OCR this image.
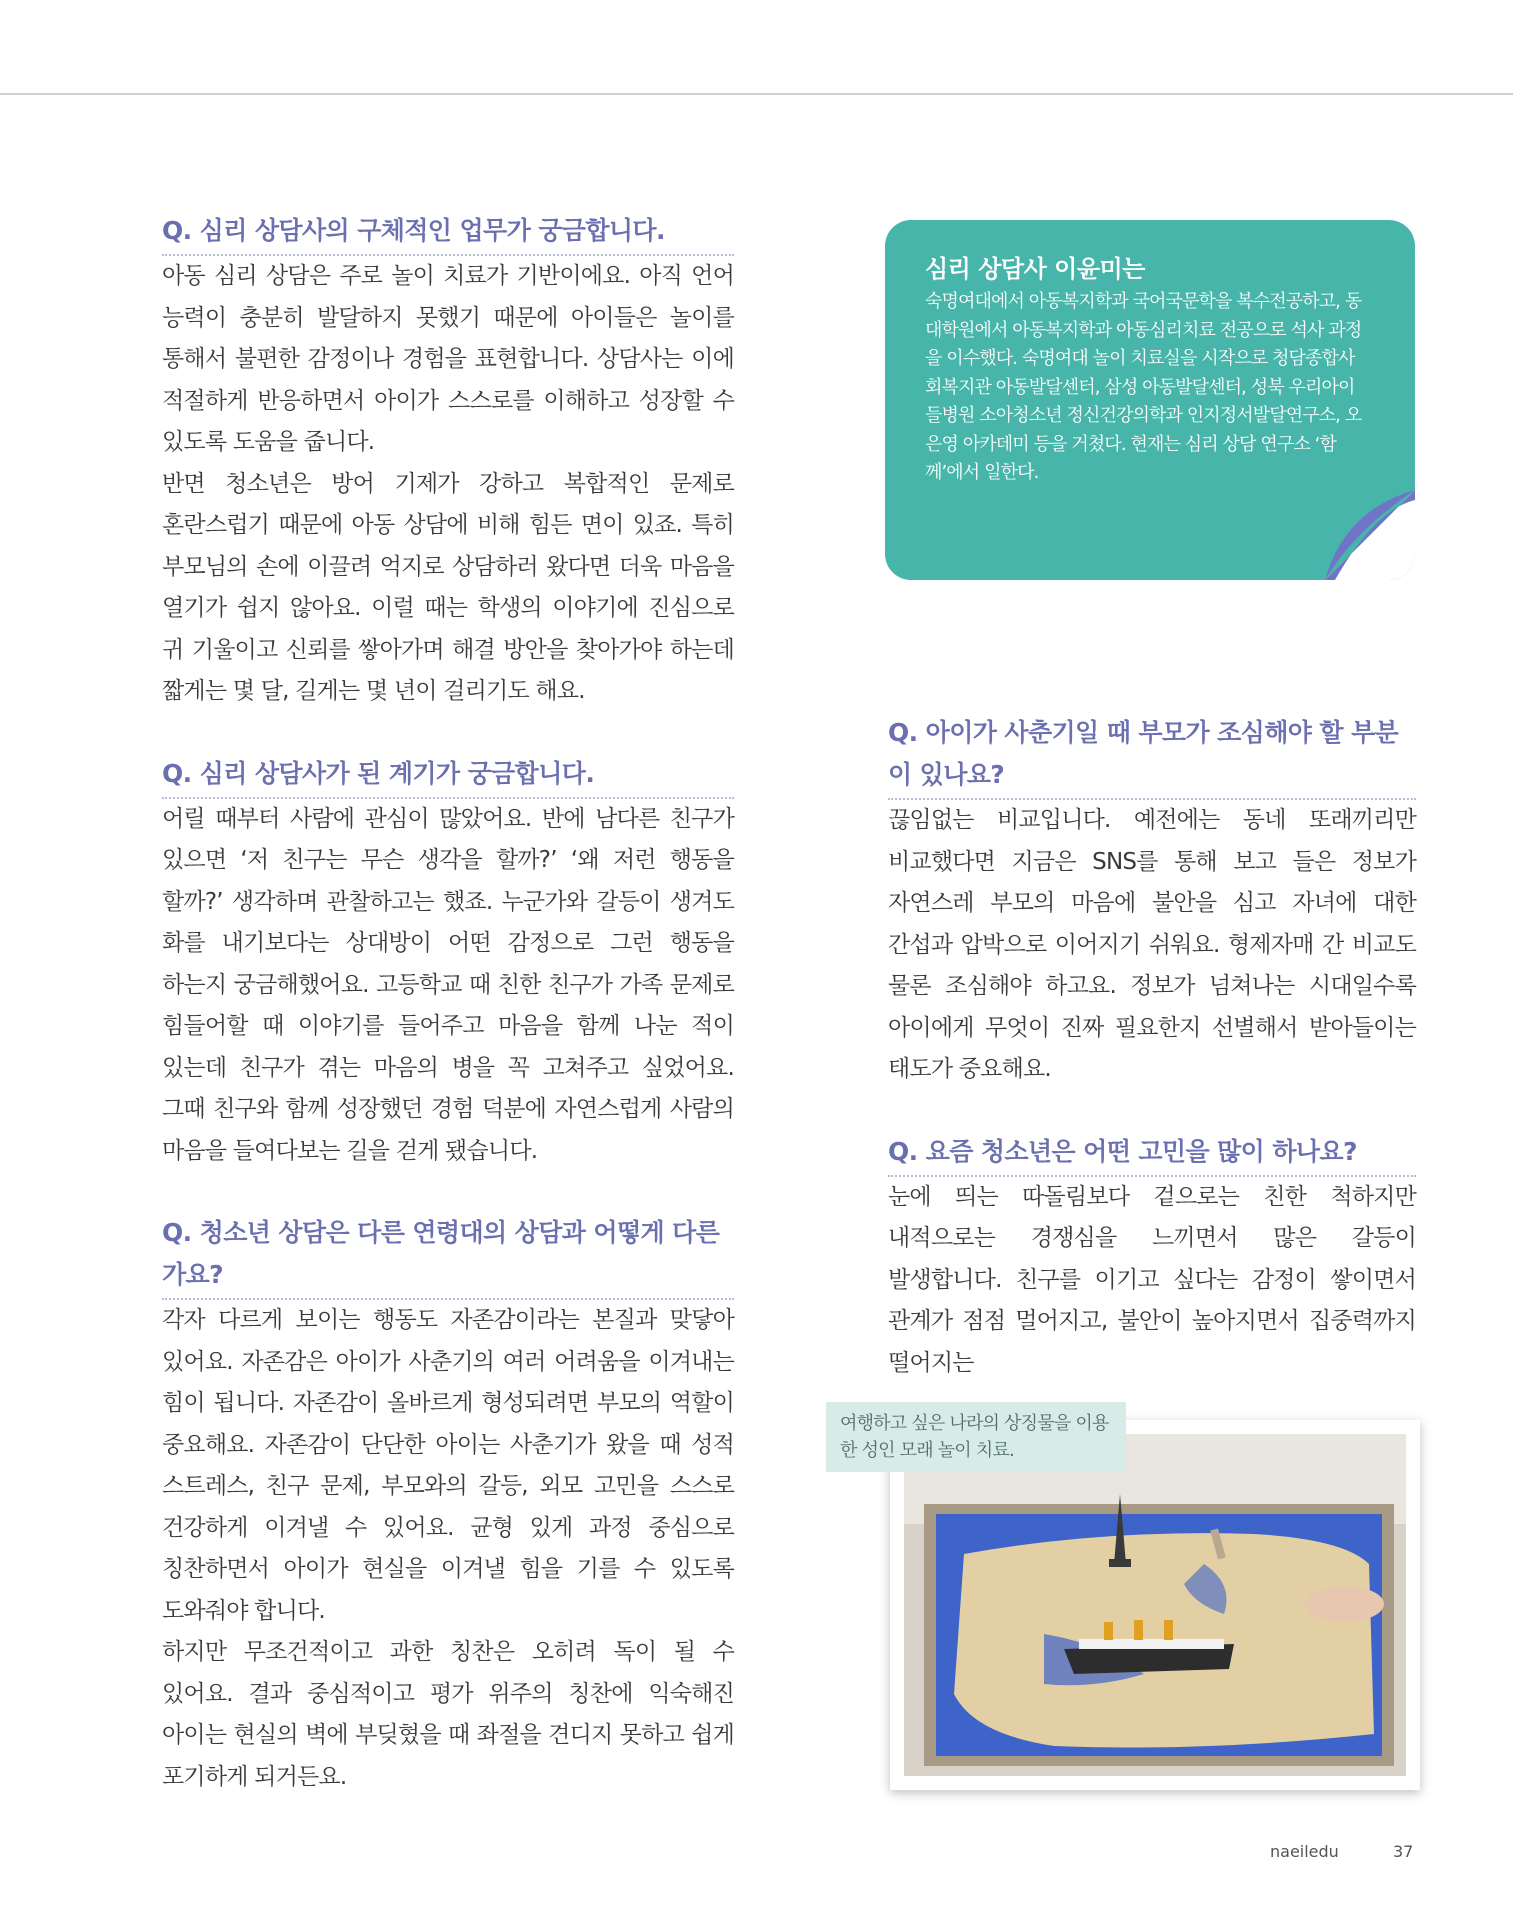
Q. 심리 상담사의 구체적인 업무가 궁금합니다.

아동 심리 상담은 주로 놀이 치료가 기반이에요. 아직 언어 능력이 충분히 발달하지 못했기 때문에 아이들은 놀이를 통해서 불편한 감정이나 경험을 표현합니다. 상담사는 이에 적절하게 반응하면서 아이가 스스로를 이해하고 성장할 수 있도록 도움을 줍니다.

반면 청소년은 방어 기제가 강하고 복합적인 문제로 혼란스럽기 때문에 아동 상담에 비해 힘든 면이 있죠. 특히 부모님의 손에 이끌려 억지로 상담하러 왔다면 더욱 마음을 열기가 쉽지 않아요. 이럴 때는 학생의 이야기에 진심으로 귀 기울이고 신뢰를 쌓아가며 해결 방안을 찾아가야 하는데 짧게는 몇 달, 길게는 몇 년이 걸리기도 해요.

Q. 심리 상담사가 된 계기가 궁금합니다.

어릴 때부터 사람에 관심이 많았어요. 반에 남다른 친구가 있으면 ‘저 친구는 무슨 생각을 할까?’ ‘왜 저런 행동을 할까?’ 생각하며 관찰하고는 했죠. 누군가와 갈등이 생겨도 화를 내기보다는 상대방이 어떤 감정으로 그런 행동을 하는지 궁금해했어요. 고등학교 때 친한 친구가 가족 문제로 힘들어할 때 이야기를 들어주고 마음을 함께 나눈 적이 있는데 친구가 겪는 마음의 병을 꼭 고쳐주고 싶었어요. 그때 친구와 함께 성장했던 경험 덕분에 자연스럽게 사람의 마음을 들여다보는 길을 걷게 됐습니다.

Q. 청소년 상담은 다른 연령대의 상담과 어떻게 다른가요?

각자 다르게 보이는 행동도 자존감이라는 본질과 맞닿아 있어요. 자존감은 아이가 사춘기의 여러 어려움을 이겨내는 힘이 됩니다. 자존감이 올바르게 형성되려면 부모의 역할이 중요해요. 자존감이 단단한 아이는 사춘기가 왔을 때 성적 스트레스, 친구 문제, 부모와의 갈등, 외모 고민을 스스로 건강하게 이겨낼 수 있어요. 균형 있게 과정 중심으로 칭찬하면서 아이가 현실을 이겨낼 힘을 기를 수 있도록 도와줘야 합니다.

하지만 무조건적이고 과한 칭찬은 오히려 독이 될 수 있어요. 결과 중심적이고 평가 위주의 칭찬에 익숙해진 아이는 현실의 벽에 부딪혔을 때 좌절을 견디지 못하고 쉽게 포기하게 되거든요.

심리 상담사 이윤미는

숙명여대에서 아동복지학과 국어국문학을 복수전공하고, 동 대학원에서 아동복지학과 아동심리치료 전공으로 석사 과정을 이수했다. 숙명여대 놀이 치료실을 시작으로 청담종합사회복지관 아동발달센터, 삼성 아동발달센터, 성북 우리아이들병원 소아청소년 정신건강의학과 인지정서발달연구소, 오은영 아카데미 등을 거쳤다. 현재는 심리 상담 연구소 ‘함께’에서 일한다.

Q. 아이가 사춘기일 때 부모가 조심해야 할 부분이 있나요?

끊임없는 비교입니다. 예전에는 동네 또래끼리만 비교했다면 지금은 SNS를 통해 보고 들은 정보가 자연스레 부모의 마음에 불안을 심고 자녀에 대한 간섭과 압박으로 이어지기 쉬워요. 형제자매 간 비교도 물론 조심해야 하고요. 정보가 넘쳐나는 시대일수록 아이에게 무엇이 진짜 필요한지 선별해서 받아들이는 태도가 중요해요.

Q. 요즘 청소년은 어떤 고민을 많이 하나요?

눈에 띄는 따돌림보다 겉으로는 친한 척하지만 내적으로는 경쟁심을 느끼면서 많은 갈등이 발생합니다. 친구를 이기고 싶다는 감정이 쌓이면서 관계가 점점 멀어지고, 불안이 높아지면서 집중력까지 떨어지는

여행하고 싶은 나라의 상징물을 이용한 성인 모래 놀이 치료.
naeiledu	37
